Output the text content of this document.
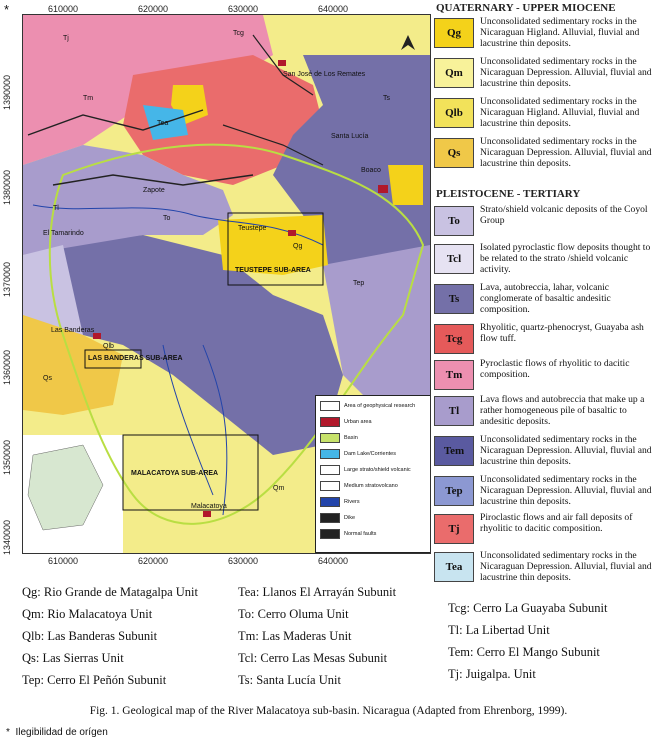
*	610000	620000	630000	640000
610000	620000	630000	640000
1390000
1380000
1370000
1360000
1350000
1340000
San José de Los Remates
Santa Lucía
Boaco
Teustepe
Las Banderas
Malacatoya
Zapote
El Tamarindo
TEUSTEPE SUB-AREA
LAS BANDERAS SUB-AREA
MALACATOYA SUB-AREA
Tj
Tm
To
Ts
Tl
Tep
Qg
Qm
Qs
Tcg
Tea
Qlb
Area of geophysical research
Urban area
Basin
Dam Lake/Corrientes
Large strato/shield volcanic
Medium stratovolcano
Rivers
Dike
Normal faults
QUATERNARY - UPPER MIOCENE
Qg
Unconsolidated sedimentary rocks in the Nicaraguan Higland. Alluvial, fluvial and lacustrine thin deposits.
Qm
Unconsolidated sedimentary rocks in the Nicaraguan Depression. Alluvial, fluvial and lacustrine thin deposits.
Qlb
Unconsolidated sedimentary rocks in the Nicaraguan Higland. Alluvial, fluvial and lacustrine thin deposits.
Qs
Unconsolidated sedimentary rocks in the Nicaraguan Depression. Alluvial, fluvial and lacustrine thin deposits.
PLEISTOCENE - TERTIARY
To
Strato/shield volcanic deposits of the Coyol Group
Tcl
Isolated pyroclastic flow deposits thought to be related to the strato /shield volcanic activity.
Ts
Lava, autobreccia, lahar, volcanic conglomerate of basaltic andesitic composition.
Tcg
Rhyolitic, quartz-phenocryst, Guayaba ash flow tuff.
Tm
Pyroclastic flows of rhyolitic to dacitic composition.
Tl
Lava flows and autobreccia that make up a rather homogeneous pile of basaltic to andesitic deposits.
Tem
Unconsolidated sedimentary rocks in the Nicaraguan Depression. Alluvial, fluvial and lacustrine thin deposits.
Tep
Unconsolidated sedimentary rocks in the Nicaraguan Depression. Alluvial, fluvial and lacustrine thin deposits.
Tj
Piroclastic flows and air fall deposits of rhyolitic to dacitic composition.
Tea
Unconsolidated sedimentary rocks in the Nicaraguan Depression. Alluvial, fluvial and lacustrine thin deposits.
Qg: Rio Grande de Matagalpa Unit
Qm: Rio Malacatoya Unit
Qlb: Las Banderas Subunit
Qs: Las Sierras Unit
Tep: Cerro El Peñón Subunit
Tea: Llanos El Arrayán Subunit
To: Cerro Oluma Unit
Tm: Las Maderas Unit
Tcl: Cerro Las Mesas Subunit
Ts: Santa Lucía Unit
Tcg: Cerro La Guayaba Subunit
Tl: La Libertad Unit
Tem: Cerro El Mango Subunit
Tj: Juigalpa. Unit
Fig. 1. Geological map of the River Malacatoya sub-basin. Nicaragua (Adapted from Ehrenborg, 1999).
* Ilegibilidad de orígen
